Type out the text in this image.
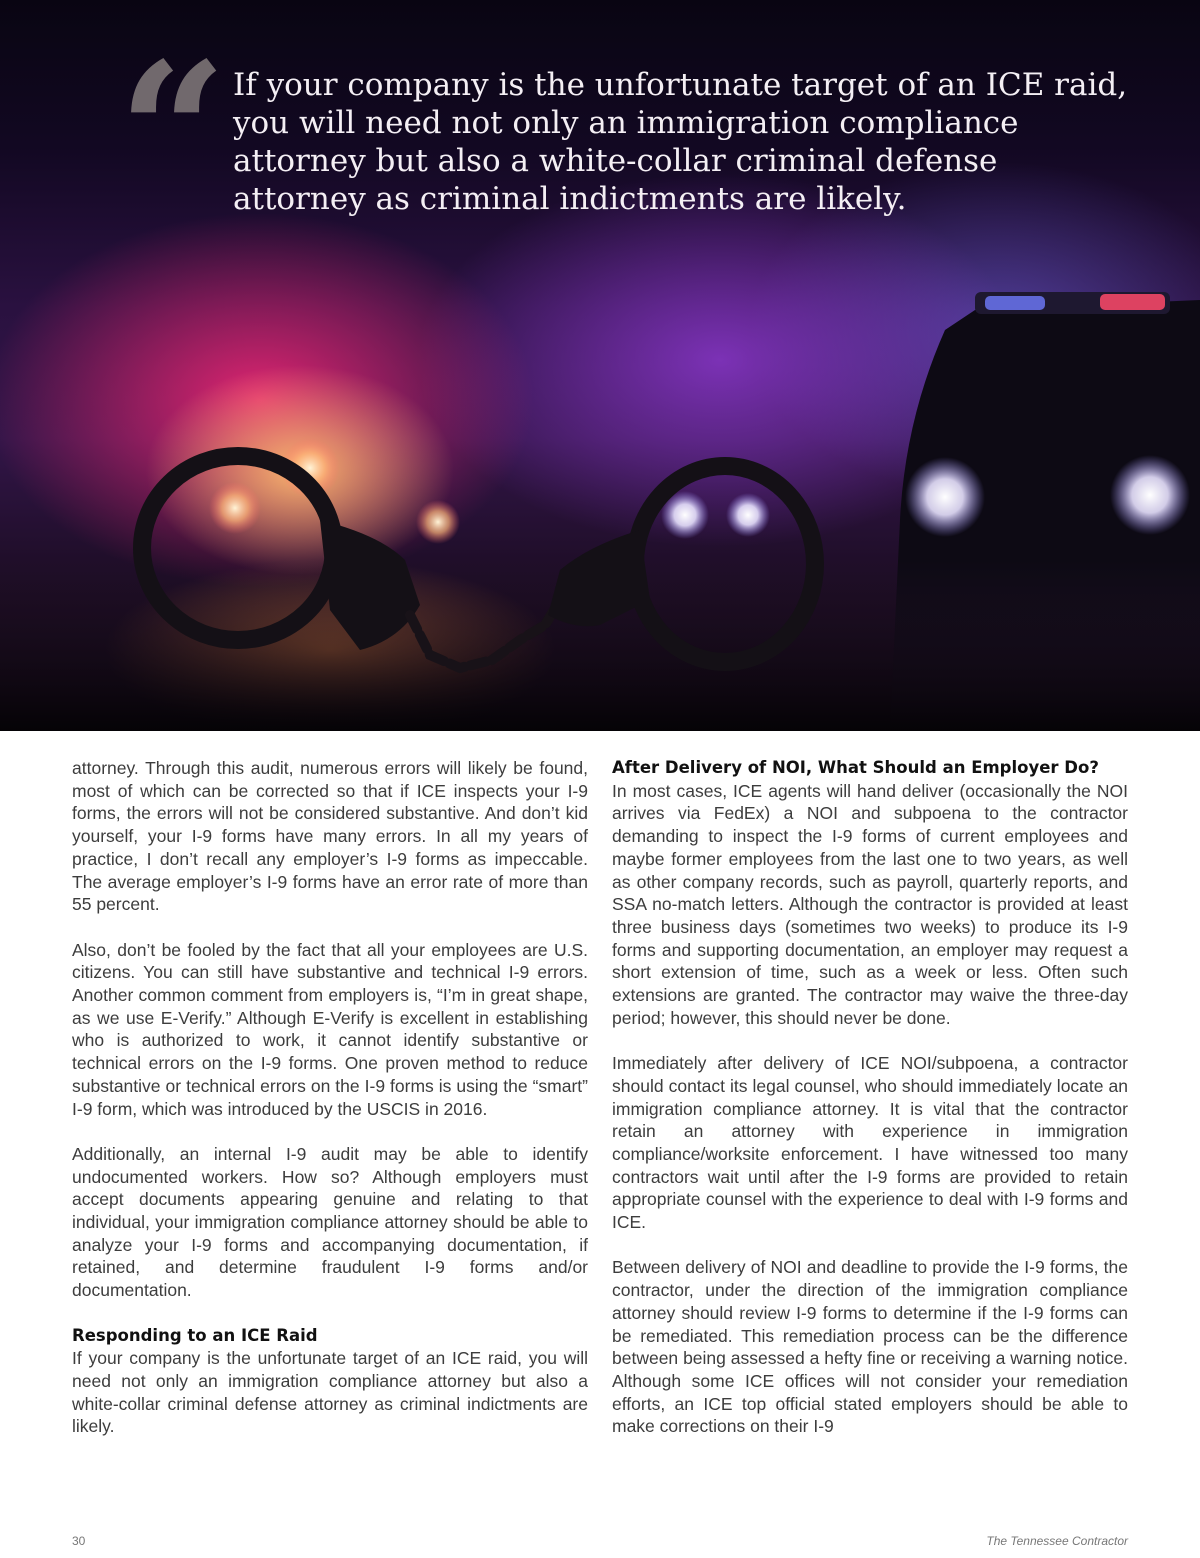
“ If your company is the unfortunate target of an ICE raid, you will need not only an immigration compliance attorney but also a white-collar criminal defense attorney as criminal indictments are likely.

attorney. Through this audit, numerous errors will likely be found, most of which can be corrected so that if ICE inspects your I-9 forms, the errors will not be considered substantive. And don’t kid yourself, your I-9 forms have many errors. In all my years of practice, I don’t recall any employer’s I-9 forms as impeccable. The average employer’s I-9 forms have an error rate of more than 55 percent.

Also, don’t be fooled by the fact that all your employees are U.S. citizens. You can still have substantive and technical I-9 errors. Another common comment from employers is, “I’m in great shape, as we use E-Verify.” Although E-Verify is excellent in establishing who is authorized to work, it cannot identify substantive or technical errors on the I-9 forms. One proven method to reduce substantive or technical errors on the I-9 forms is using the “smart” I-9 form, which was introduced by the USCIS in 2016.

Additionally, an internal I-9 audit may be able to identify undocumented workers. How so? Although employers must accept documents appearing genuine and relating to that individual, your immigration compliance attorney should be able to analyze your I-9 forms and accompanying documentation, if retained, and determine fraudulent I-9 forms and/or documentation.

Responding to an ICE Raid

If your company is the unfortunate target of an ICE raid, you will need not only an immigration compliance attorney but also a white-collar criminal defense attorney as criminal indictments are likely.

After Delivery of NOI, What Should an Employer Do?

In most cases, ICE agents will hand deliver (occasionally the NOI arrives via FedEx) a NOI and subpoena to the contractor demanding to inspect the I-9 forms of current employees and maybe former employees from the last one to two years, as well as other company records, such as payroll, quarterly reports, and SSA no-match letters. Although the contractor is provided at least three business days (sometimes two weeks) to produce its I-9 forms and supporting documentation, an employer may request a short extension of time, such as a week or less. Often such extensions are granted. The contractor may waive the three-day period; however, this should never be done.

Immediately after delivery of ICE NOI/subpoena, a contractor should contact its legal counsel, who should immediately locate an immigration compliance attorney. It is vital that the contractor retain an attorney with experience in immigration compliance/worksite enforcement. I have witnessed too many contractors wait until after the I-9 forms are provided to retain appropriate counsel with the experience to deal with I-9 forms and ICE.

Between delivery of NOI and deadline to provide the I-9 forms, the contractor, under the direction of the immigration compliance attorney should review I-9 forms to determine if the I-9 forms can be remediated. This remediation process can be the difference between being assessed a hefty fine or receiving a warning notice. Although some ICE offices will not consider your remediation efforts, an ICE top official stated employers should be able to make corrections on their I-9

30	The Tennessee Contractor
